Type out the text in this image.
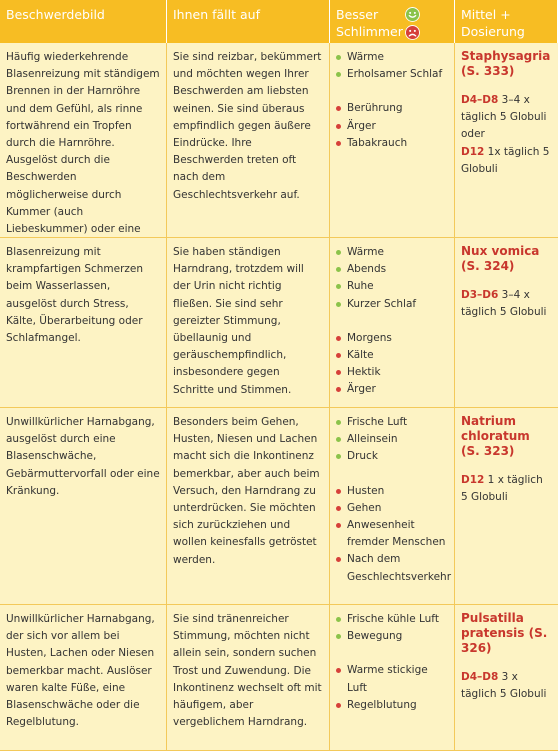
Beschwerdebild	Ihnen fällt auf	Besser
Schlimmer
Mittel +
Dosierung
Häufig wiederkehrende Blasenreizung mit ständigem Brennen in der Harnröhre und dem Gefühl, als rinne fortwährend ein Tropfen durch die Harnröhre. Ausgelöst durch die Beschwerden möglicherweise durch Kummer (auch Liebeskummer) oder eine
Sie sind reizbar, bekümmert und möchten wegen Ihrer Beschwerden am liebsten weinen. Sie sind überaus empfindlich gegen äußere Eindrücke. Ihre Beschwerden treten oft nach dem Geschlechtsverkehr auf.
Wärme
Erholsamer Schlaf
Berührung
Ärger
Tabakrauch
Staphysagria (S. 333)
D4–D8 3–4 x täglich 5 Globuli
oder
D12 1x täglich 5 Globuli
Blasenreizung mit krampfartigen Schmerzen beim Wasserlassen, ausgelöst durch Stress, Kälte, Überarbeitung oder Schlafmangel.
Sie haben ständigen Harndrang, trotzdem will der Urin nicht richtig fließen. Sie sind sehr gereizter Stimmung, übellaunig und geräuschempfindlich, insbesondere gegen Schritte und Stimmen.
Wärme
Abends
Ruhe
Kurzer Schlaf
Morgens
Kälte
Hektik
Ärger
Nux vomica (S. 324)
D3–D6 3–4 x täglich 5 Globuli
Unwillkürlicher Harnabgang, ausgelöst durch eine Blasenschwäche, Gebärmuttervorfall oder eine Kränkung.
Besonders beim Gehen, Husten, Niesen und Lachen macht sich die Inkontinenz bemerkbar, aber auch beim Versuch, den Harndrang zu unterdrücken. Sie möchten sich zurückziehen und wollen keinesfalls getröstet werden.
Frische Luft
Alleinsein
Druck
Husten
Gehen
Anwesenheit fremder Menschen
Nach dem Geschlechtsverkehr
Natrium chloratum (S. 323)
D12 1 x täglich 5 Globuli
Unwillkürlicher Harnabgang, der sich vor allem bei Husten, Lachen oder Niesen bemerkbar macht. Auslöser waren kalte Füße, eine Blasenschwäche oder die Regelblutung.
Sie sind tränenreicher Stimmung, möchten nicht allein sein, sondern suchen Trost und Zuwendung. Die Inkontinenz wechselt oft mit häufigem, aber vergeblichem Harndrang.
Frische kühle Luft
Bewegung
Warme stickige Luft
Regelblutung
Pulsatilla pratensis (S. 326)
D4–D8 3 x täglich 5 Globuli
